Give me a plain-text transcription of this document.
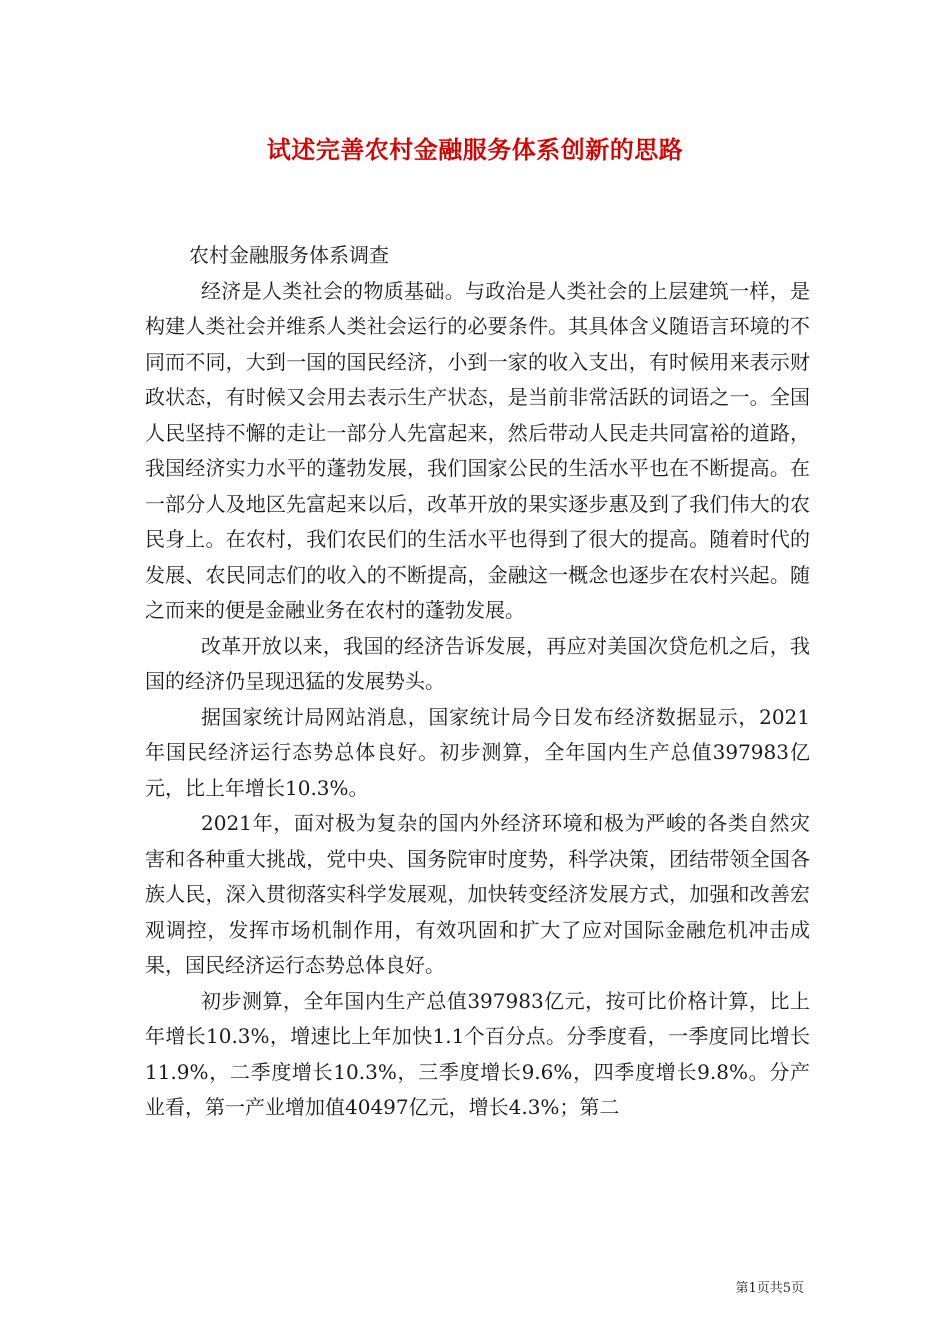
试述完善农村金融服务体系创新的思路

农村金融服务体系调查

经济是人类社会的物质基础。与政治是人类社会的上层建筑一样，是构建人类社会并维系人类社会运行的必要条件。其具体含义随语言环境的不同而不同，大到一国的国民经济，小到一家的收入支出，有时候用来表示财政状态，有时候又会用去表示生产状态，是当前非常活跃的词语之一。全国人民坚持不懈的走让一部分人先富起来，然后带动人民走共同富裕的道路，我国经济实力水平的蓬勃发展，我们国家公民的生活水平也在不断提高。在一部分人及地区先富起来以后，改革开放的果实逐步惠及到了我们伟大的农民身上。在农村，我们农民们的生活水平也得到了很大的提高。随着时代的发展、农民同志们的收入的不断提高，金融这一概念也逐步在农村兴起。随之而来的便是金融业务在农村的蓬勃发展。

改革开放以来，我国的经济告诉发展，再应对美国次贷危机之后，我国的经济仍呈现迅猛的发展势头。

据国家统计局网站消息，国家统计局今日发布经济数据显示，2021年国民经济运行态势总体良好。初步测算，全年国内生产总值397983亿元，比上年增长10.3%。

2021年，面对极为复杂的国内外经济环境和极为严峻的各类自然灾害和各种重大挑战，党中央、国务院审时度势，科学决策，团结带领全国各族人民，深入贯彻落实科学发展观，加快转变经济发展方式，加强和改善宏观调控，发挥市场机制作用，有效巩固和扩大了应对国际金融危机冲击成果，国民经济运行态势总体良好。

初步测算，全年国内生产总值397983亿元，按可比价格计算，比上年增长10.3%，增速比上年加快1.1个百分点。分季度看，一季度同比增长11.9%，二季度增长10.3%，三季度增长9.6%，四季度增长9.8%。分产业看，第一产业增加值40497亿元，增长4.3%；第二

第1页共5页
